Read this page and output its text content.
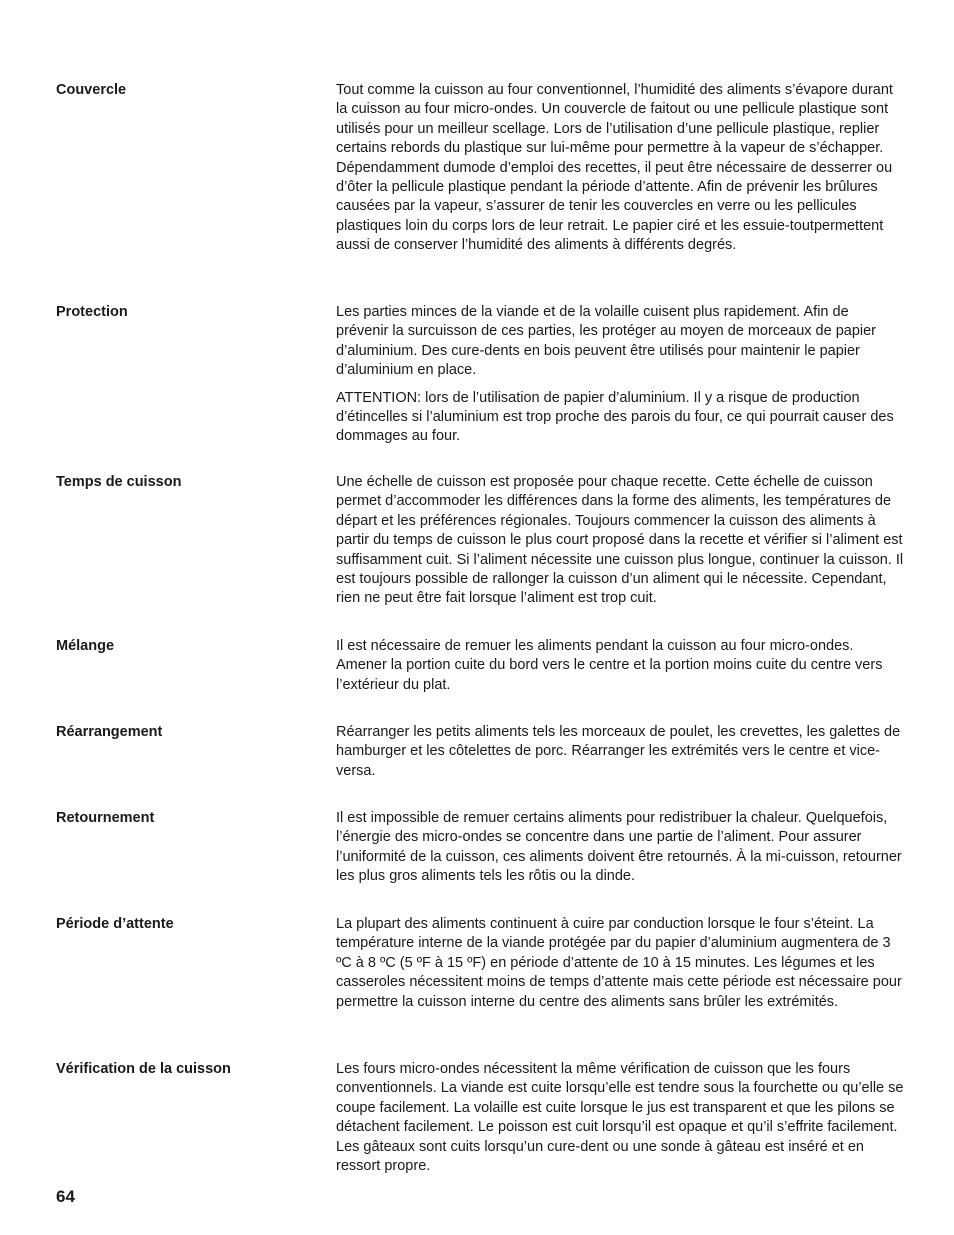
Couvercle	Tout comme la cuisson au four conventionnel, l’humidité des aliments s’évapore durant la cuisson au four micro-ondes. Un couvercle de faitout ou une pellicule plastique sont utilisés pour un meilleur scellage. Lors de l’utilisation d’une pellicule plastique, replier certains rebords du plastique sur lui-même pour permettre à la vapeur de s’échapper. Dépendamment dumode d’emploi des recettes, il peut être nécessaire de desserrer ou d’ôter la pellicule plastique pendant la période d’attente. Afin de prévenir les brûlures causées par la vapeur, s’assurer de tenir les couvercles en verre ou les pellicules plastiques loin du corps lors de leur retrait. Le papier ciré et les essuie-toutpermettent aussi de conserver l’humidité des aliments à différents degrés.

Protection	Les parties minces de la viande et de la volaille cuisent plus rapidement. Afin de prévenir la surcuisson de ces parties, les protéger au moyen de morceaux de papier d’aluminium. Des cure-dents en bois peuvent être utilisés pour maintenir le papier d’aluminium en place.

ATTENTION: lors de l’utilisation de papier d’aluminium. Il y a risque de production d’étincelles si l’aluminium est trop proche des parois du four, ce qui pourrait causer des dommages au four.

Temps de cuisson	Une échelle de cuisson est proposée pour chaque recette. Cette échelle de cuisson permet d’accommoder les différences dans la forme des aliments, les températures de départ et les préférences régionales. Toujours commencer la cuisson des aliments à partir du temps de cuisson le plus court proposé dans la recette et vérifier si l’aliment est suffisamment cuit. Si l’aliment nécessite une cuisson plus longue, continuer la cuisson. Il est toujours possible de rallonger la cuisson d’un aliment qui le nécessite. Cependant, rien ne peut être fait lorsque l’aliment est trop cuit.

Mélange	Il est nécessaire de remuer les aliments pendant la cuisson au four micro-ondes. Amener la portion cuite du bord vers le centre et la portion moins cuite du centre vers l’extérieur du plat.

Réarrangement	Réarranger les petits aliments tels les morceaux de poulet, les crevettes, les galettes de hamburger et les côtelettes de porc. Réarranger les extrémités vers le centre et vice-versa.

Retournement	Il est impossible de remuer certains aliments pour redistribuer la chaleur. Quelquefois, l’énergie des micro-ondes se concentre dans une partie de l’aliment. Pour assurer l’uniformité de la cuisson, ces aliments doivent être retournés. À la mi-cuisson, retourner les plus gros aliments tels les rôtis ou la dinde.

Période d’attente	La plupart des aliments continuent à cuire par conduction lorsque le four s’éteint. La température interne de la viande protégée par du papier d’aluminium augmentera de 3 ºC à 8 ºC (5 ºF à 15 ºF) en période d’attente de 10 à 15 minutes. Les légumes et les casseroles nécessitent moins de temps d’attente mais cette période est nécessaire pour permettre la cuisson interne du centre des aliments sans brûler les extrémités.

Vérification de la cuisson	Les fours micro-ondes nécessitent la même vérification de cuisson que les fours conventionnels. La viande est cuite lorsqu’elle est tendre sous la fourchette ou qu’elle se coupe facilement. La volaille est cuite lorsque le jus est transparent et que les pilons se détachent facilement. Le poisson est cuit lorsqu’il est opaque et qu’il s’effrite facilement. Les gâteaux sont cuits lorsqu’un cure-dent ou une sonde à gâteau est inséré et en ressort propre.

64
